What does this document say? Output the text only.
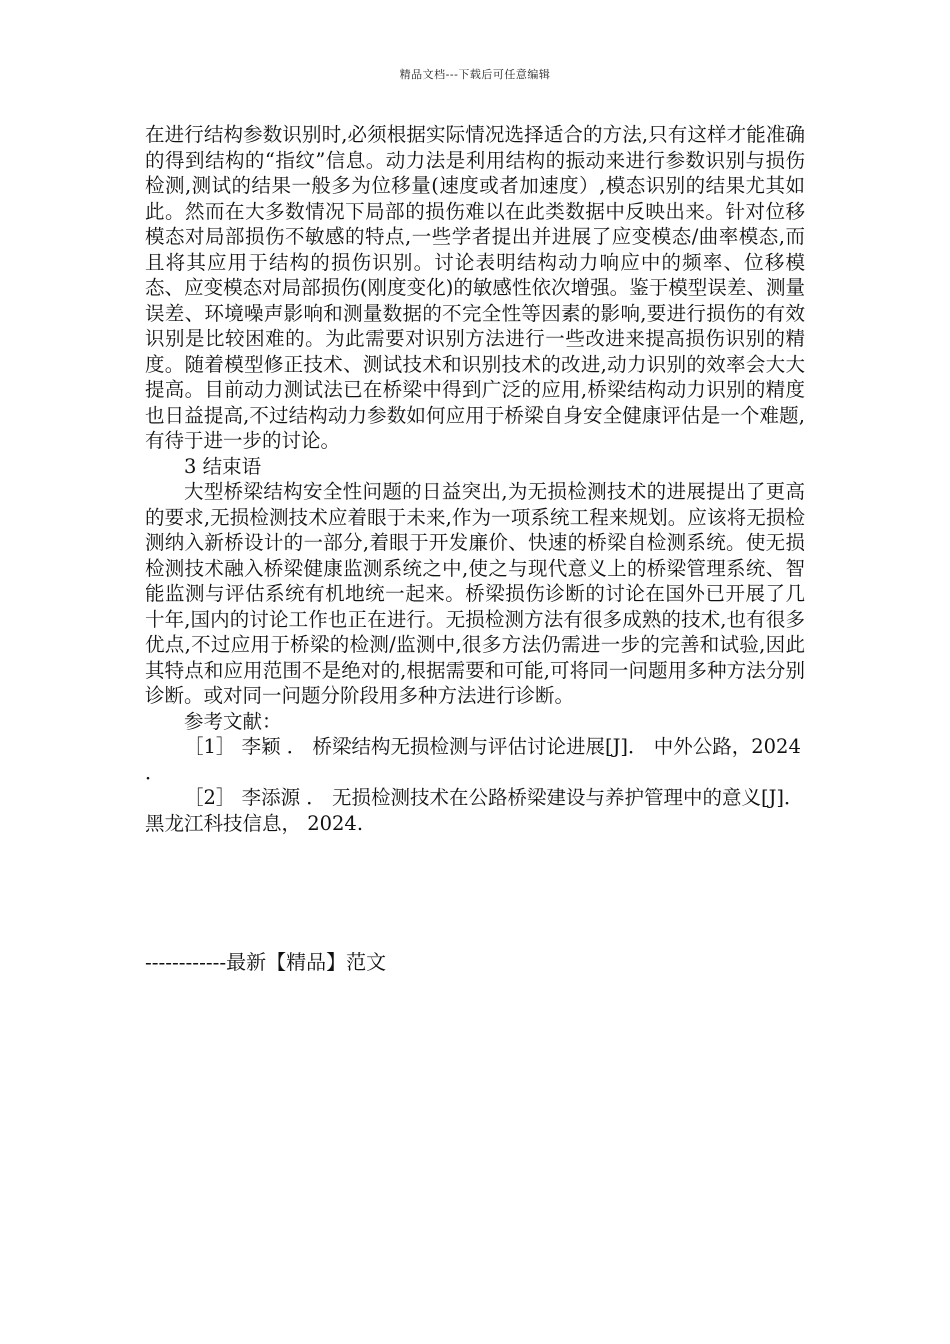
精品文档---下载后可任意编辑

在进行结构参数识别时,必须根据实际情况选择适合的方法,只有这样才能准确的得到结构的“指纹”信息。动力法是利用结构的振动来进行参数识别与损伤检测,测试的结果一般多为位移量(速度或者加速度）,模态识别的结果尤其如此。然而在大多数情况下局部的损伤难以在此类数据中反映出来。针对位移模态对局部损伤不敏感的特点,一些学者提出并进展了应变模态/曲率模态,而且将其应用于结构的损伤识别。讨论表明结构动力响应中的频率、位移模态、应变模态对局部损伤(刚度变化)的敏感性依次增强。鉴于模型误差、测量误差、环境噪声影响和测量数据的不完全性等因素的影响,要进行损伤的有效识别是比较困难的。为此需要对识别方法进行一些改进来提高损伤识别的精度。随着模型修正技术、测试技术和识别技术的改进,动力识别的效率会大大提高。目前动力测试法已在桥梁中得到广泛的应用,桥梁结构动力识别的精度也日益提高,不过结构动力参数如何应用于桥梁自身安全健康评估是一个难题,有待于进一步的讨论。

3 结束语

大型桥梁结构安全性问题的日益突出,为无损检测技术的进展提出了更高的要求,无损检测技术应着眼于未来,作为一项系统工程来规划。应该将无损检测纳入新桥设计的一部分,着眼于开发廉价、快速的桥梁自检测系统。使无损检测技术融入桥梁健康监测系统之中,使之与现代意义上的桥梁管理系统、智能监测与评估系统有机地统一起来。桥梁损伤诊断的讨论在国外已开展了几十年,国内的讨论工作也正在进行。无损检测方法有很多成熟的技术,也有很多优点,不过应用于桥梁的检测/监测中,很多方法仍需进一步的完善和试验,因此其特点和应用范围不是绝对的,根据需要和可能,可将同一问题用多种方法分别诊断。或对同一问题分阶段用多种方法进行诊断。

参考文献：

［1］ 李颖 ． 桥梁结构无损检测与评估讨论进展[J]． 中外公路，2024 ．

［2］ 李添源 ． 无损检测技术在公路桥梁建设与养护管理中的意义[J]． 黑龙江科技信息， 2024.

------------最新【精品】范文
